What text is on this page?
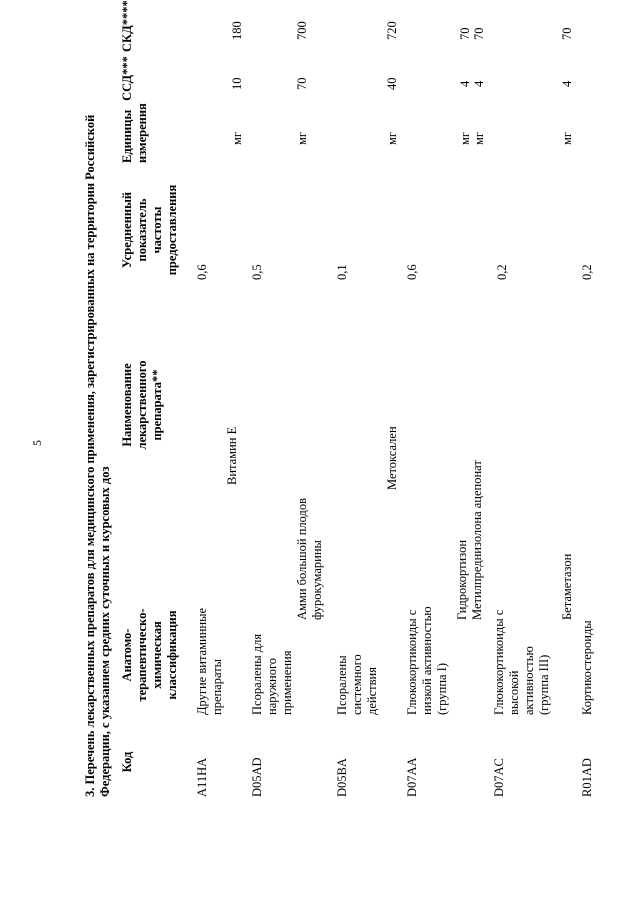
5	3. Перечень лекарственных препаратов для медицинского применения, зарегистрированных на территории Российской Федерации, с указанием средних суточных и курсовых доз Код
Анатомо-терапевтическо-химическая классификация
Наименование лекарственного препарата**
Усредненный показатель частоты предоставления
Единицы измерения
ССД***
СКД****
A11HA
Другие витаминные препараты
0,6
Витамин Е
мг
10
180
D05AD
Псоралены для наружного применения
0,5
Амми большой плодов фурокумарины
мг
70
700
D05BA
Псоралены системного действия
0,1
Метоксален
мг
40
720
D07AA
Глюкокортикоиды с низкой активностью (группа I)
0,6
Гидрокортизон Метилпреднизолона ацепонат
мг мг
4 4
70 70
D07AC
Глюкокортикоиды с высокой активностью (группа III)
0,2
Бетаметазон
мг
4
70
R01AD
Кортикостероиды
0,2
